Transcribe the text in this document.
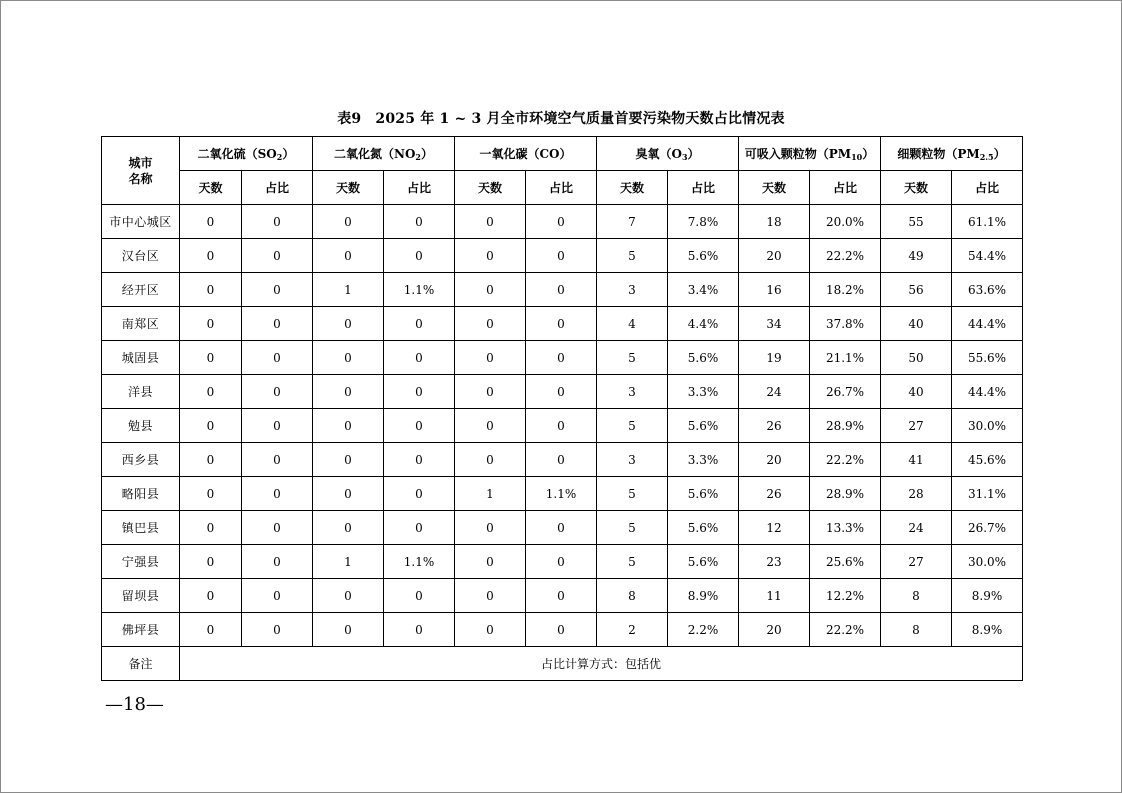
表9 2025 年 1 ~ 3 月全市环境空气质量首要污染物天数占比情况表
城市
名称	二氧化硫$(SO_2)$		二氧化氮$(NO_2)$		一氧化碳（CO）		臭氧$(O_3)$		可吸入颗粒物$(PM_{10})$		细颗粒物$(PM_{2.5})$	
	天数	占比	天数	占比	天数	占比	天数	占比	天数	占比	天数	占比
市中心城区	0	0	0	0	0	0	7	7.8%	18	20.0%	55	61.1%
汉台区	0	0	0	0	0	0	5	5.6%	20	22.2%	49	54.4%
经开区	0	0	1	1.1%	0	0	3	3.4%	16	18.2%	56	63.6%
南郑区	0	0	0	0	0	0	4	4.4%	34	37.8%	40	44.4%
城固县	0	0	0	0	0	0	5	5.6%	19	21.1%	50	55.6%
洋县	0	0	0	0	0	0	3	3.3%	24	26.7%	40	44.4%
勉县	0	0	0	0	0	0	5	5.6%	26	28.9%	27	30.0%
西乡县	0	0	0	0	0	0	3	3.3%	20	22.2%	41	45.6%
略阳县	0	0	0	0	1	1.1%	5	5.6%	26	28.9%	28	31.1%
镇巴县	0	0	0	0	0	0	5	5.6%	12	13.3%	24	26.7%
宁强县	0	0	1	1.1%	0	0	5	5.6%	23	25.6%	27	30.0%
留坝县	0	0	0	0	0	0	8	8.9%	11	12.2%	8	8.9%
佛坪县	0	0	0	0	0	0	2	2.2%	20	22.2%	8	8.9%
备注	占比计算方式：包括优											
—18—
